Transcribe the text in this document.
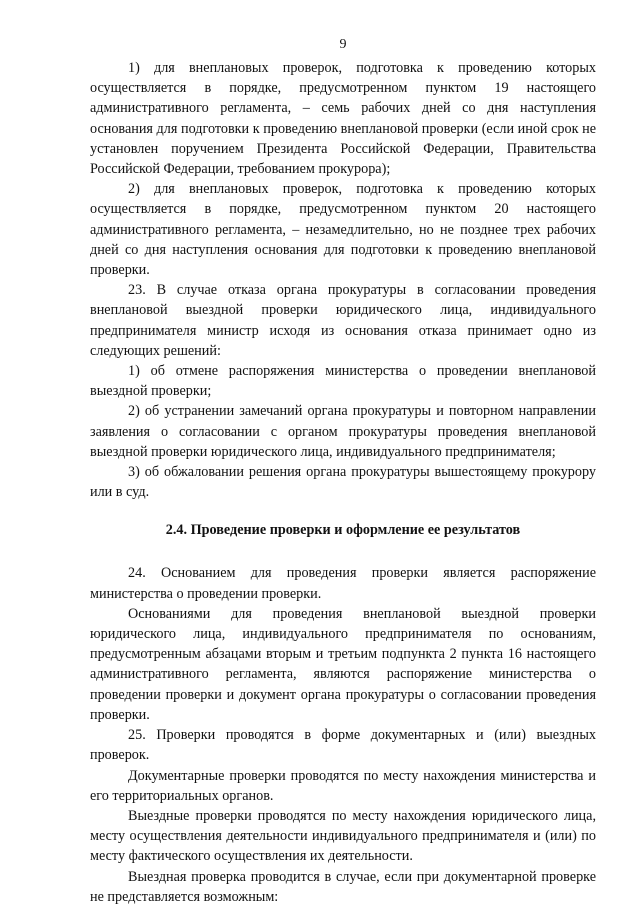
9

1) для внеплановых проверок, подготовка к проведению которых осуществляется в порядке, предусмотренном пунктом 19 настоящего административного регламента, – семь рабочих дней со дня наступления основания для подготовки к проведению внеплановой проверки (если иной срок не установлен поручением Президента Российской Федерации, Правительства Российской Федерации, требованием прокурора);

2) для внеплановых проверок, подготовка к проведению которых осуществляется в порядке, предусмотренном пунктом 20 настоящего административного регламента, – незамедлительно, но не позднее трех рабочих дней со дня наступления основания для подготовки к проведению внеплановой проверки.

23. В случае отказа органа прокуратуры в согласовании проведения внеплановой выездной проверки юридического лица, индивидуального предпринимателя министр исходя из основания отказа принимает одно из следующих решений:

1) об отмене распоряжения министерства о проведении внеплановой выездной проверки;

2) об устранении замечаний органа прокуратуры и повторном направлении заявления о согласовании с органом прокуратуры проведения внеплановой выездной проверки юридического лица, индивидуального предпринимателя;

3) об обжаловании решения органа прокуратуры вышестоящему прокурору или в суд.

2.4. Проведение проверки и оформление ее результатов

24. Основанием для проведения проверки является распоряжение министерства о проведении проверки.

Основаниями для проведения внеплановой выездной проверки юридического лица, индивидуального предпринимателя по основаниям, предусмотренным абзацами вторым и третьим подпункта 2 пункта 16 настоящего административного регламента, являются распоряжение министерства о проведении проверки и документ органа прокуратуры о согласовании проведения проверки.

25. Проверки проводятся в форме документарных и (или) выездных проверок.

Документарные проверки проводятся по месту нахождения министерства и его территориальных органов.

Выездные проверки проводятся по месту нахождения юридического лица, месту осуществления деятельности индивидуального предпринимателя и (или) по месту фактического осуществления их деятельности.

Выездная проверка проводится в случае, если при документарной проверке не представляется возможным:
